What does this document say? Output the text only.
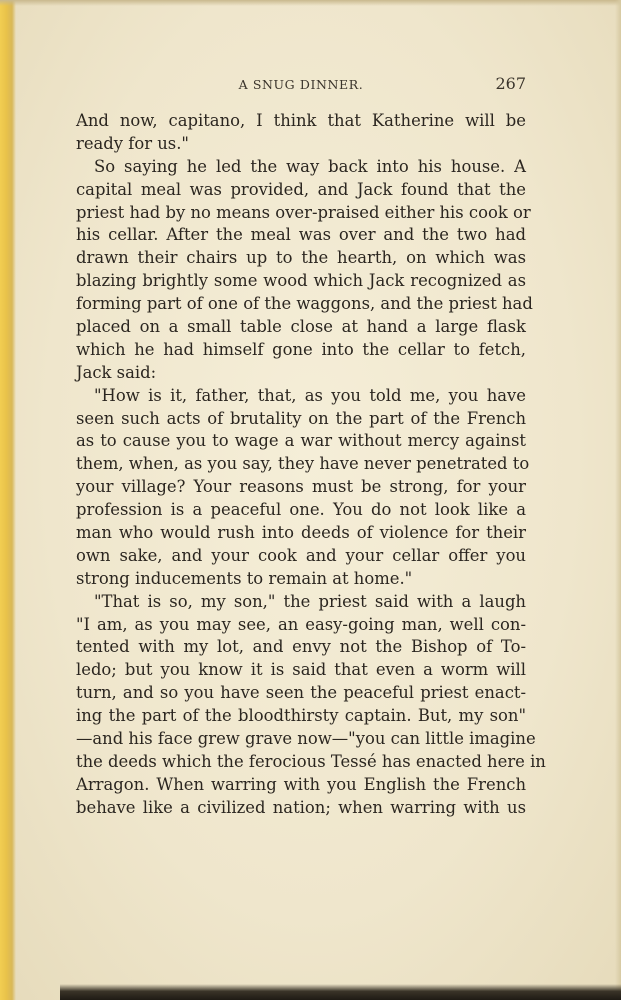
A SNUG DINNER.	267
And now, capitano, I think that Katherine will be
ready for us."
So saying he led the way back into his house. A
capital meal was provided, and Jack found that the
priest had by no means over-praised either his cook or
his cellar. After the meal was over and the two had
drawn their chairs up to the hearth, on which was
blazing brightly some wood which Jack recognized as
forming part of one of the waggons, and the priest had
placed on a small table close at hand a large flask
which he had himself gone into the cellar to fetch,
Jack said:
"How is it, father, that, as you told me, you have
seen such acts of brutality on the part of the French
as to cause you to wage a war without mercy against
them, when, as you say, they have never penetrated to
your village? Your reasons must be strong, for your
profession is a peaceful one. You do not look like a
man who would rush into deeds of violence for their
own sake, and your cook and your cellar offer you
strong inducements to remain at home."
"That is so, my son," the priest said with a laugh
"I am, as you may see, an easy-going man, well con-
tented with my lot, and envy not the Bishop of To-
ledo; but you know it is said that even a worm will
turn, and so you have seen the peaceful priest enact-
ing the part of the bloodthirsty captain. But, my son"
—and his face grew grave now—"you can little imagine
the deeds which the ferocious Tessé has enacted here in
Arragon. When warring with you English the French
behave like a civilized nation; when warring with us
